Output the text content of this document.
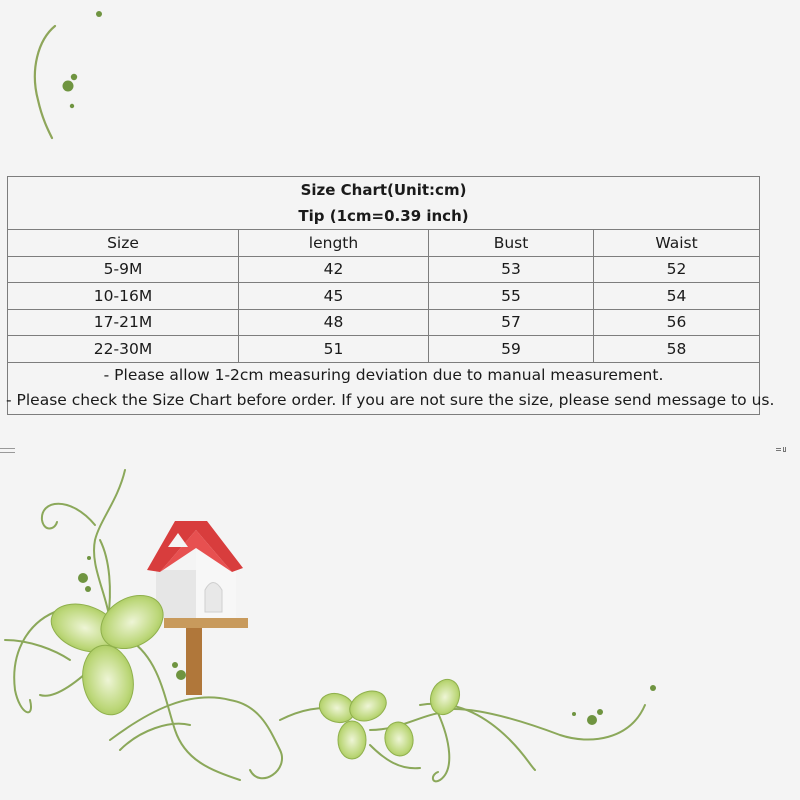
Size Chart(Unit:cm)
Tip (1cm=0.39 inch)			

Size	length	Bust	Waist
5-9M	42	53	52
10-16M	45	55	54
17-21M	48	57	56
22-30M	51	59	58

- Please allow 1-2cm measuring deviation due to manual measurement.
- Please check the Size Chart before order. If you are not sure the size, please send message to us.			
